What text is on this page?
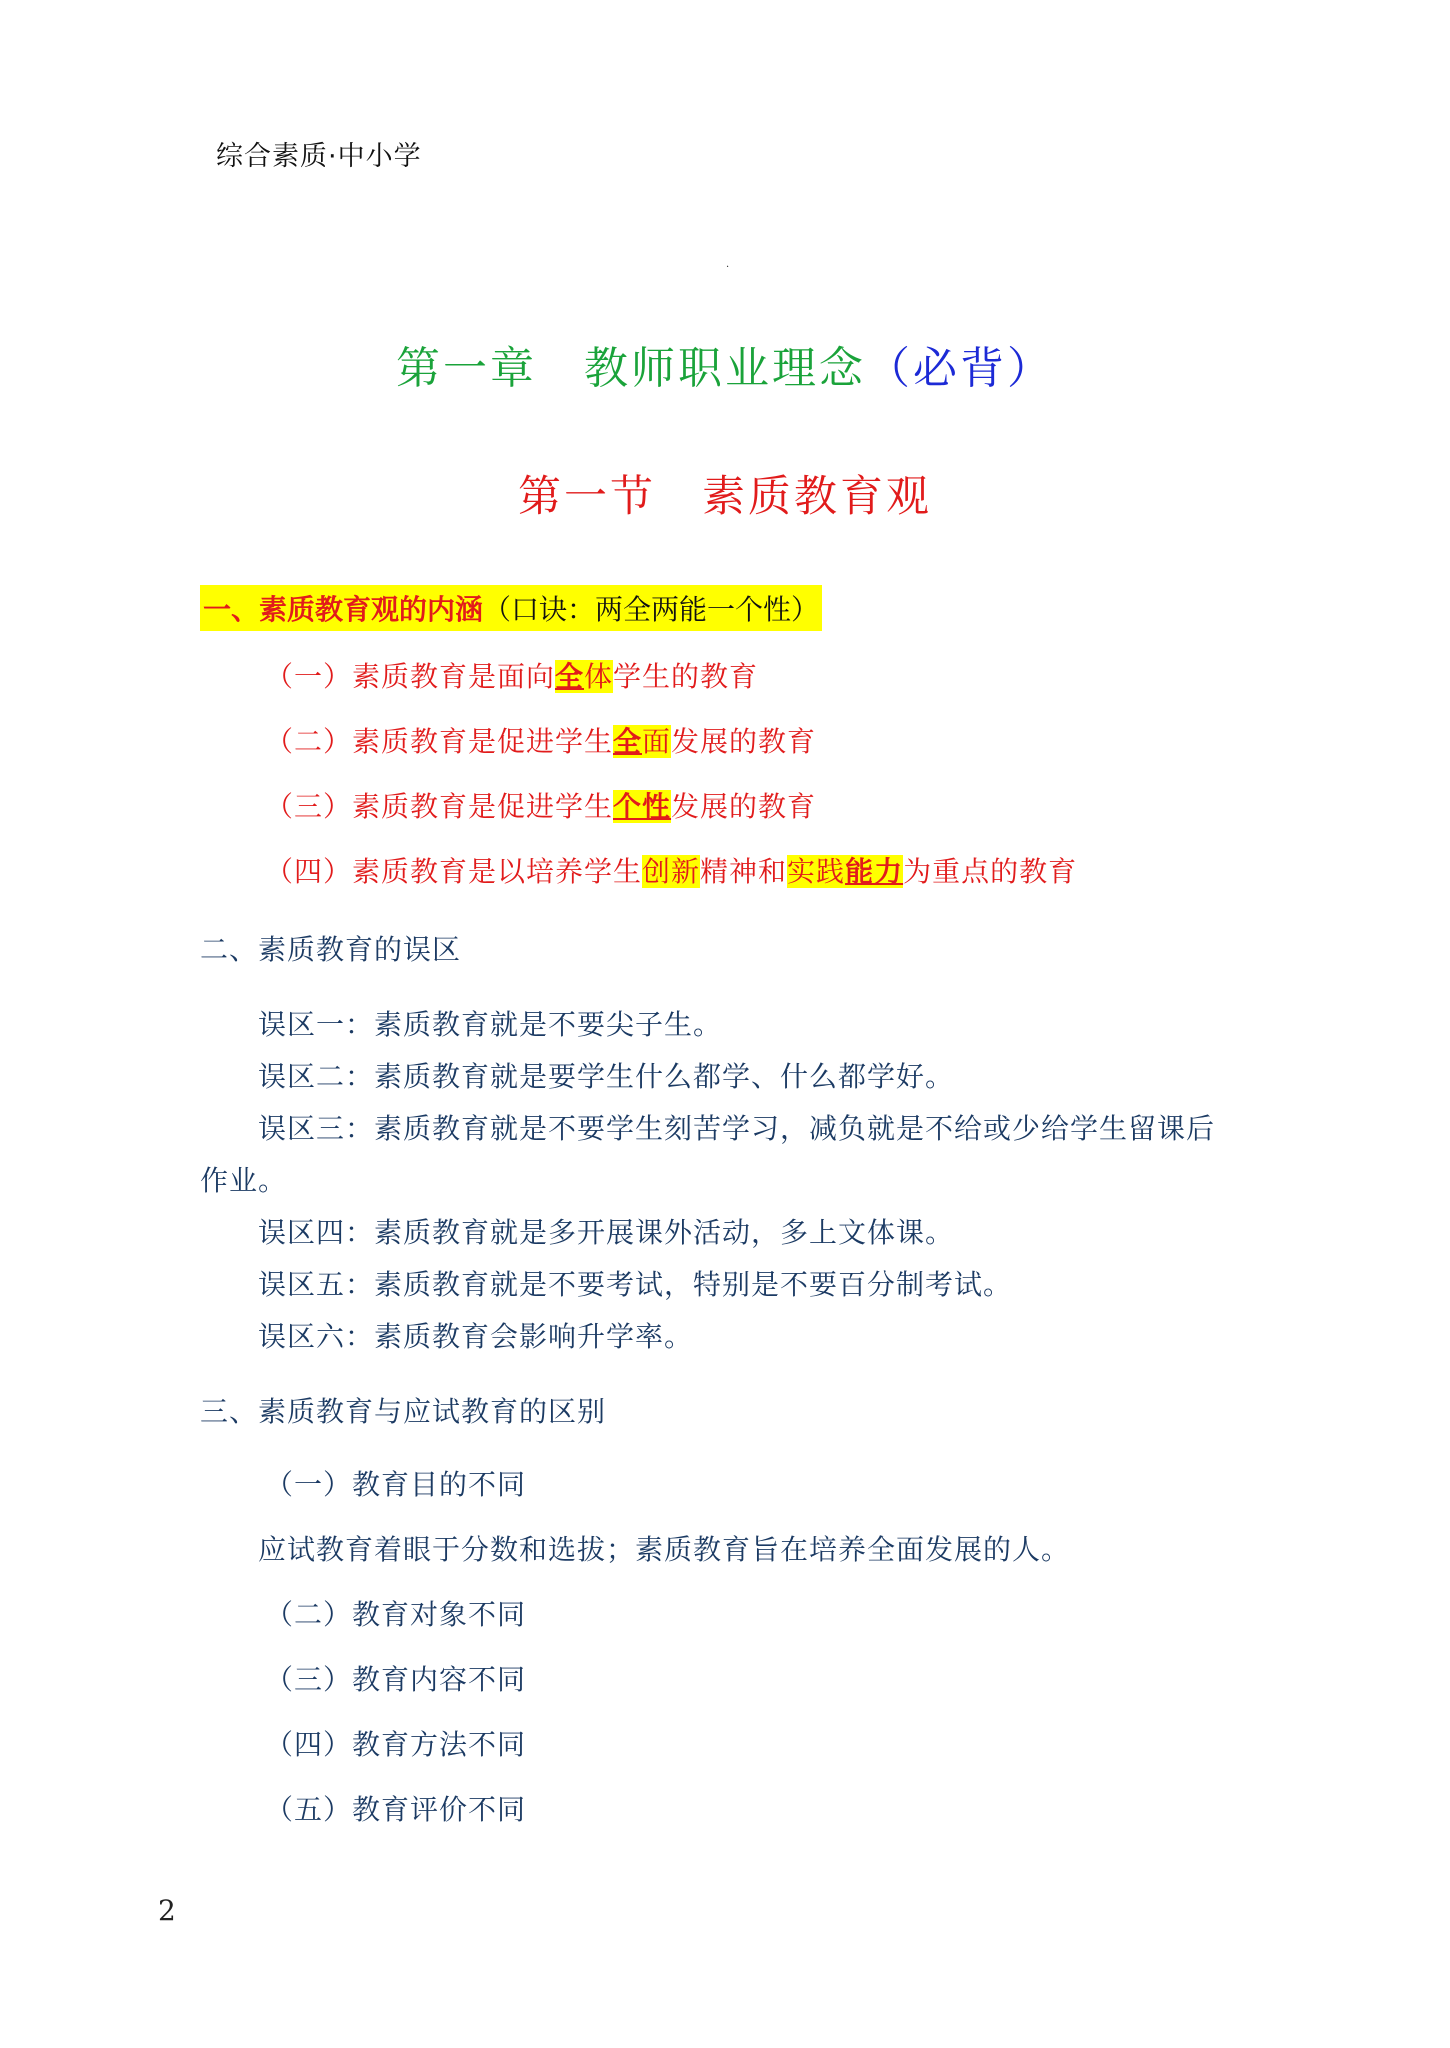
综合素质·中小学
·
第一章　 教师职业理念（必背）
第一节　素质教育观
一、素质教育观的内涵（口诀：两全两能一个性）
（一）素质教育是面向全体学生的教育
（二）素质教育是促进学生全面发展的教育
（三）素质教育是促进学生个性发展的教育
（四）素质教育是以培养学生创新精神和实践能力为重点的教育
二、素质教育的误区
误区一：素质教育就是不要尖子生。
误区二：素质教育就是要学生什么都学、什么都学好。
误区三：素质教育就是不要学生刻苦学习，减负就是不给或少给学生留课后
作业。
误区四：素质教育就是多开展课外活动，多上文体课。
误区五：素质教育就是不要考试，特别是不要百分制考试。
误区六：素质教育会影响升学率。
三、素质教育与应试教育的区别
（一）教育目的不同
应试教育着眼于分数和选拔；素质教育旨在培养全面发展的人。
（二）教育对象不同
（三）教育内容不同
（四）教育方法不同
（五）教育评价不同
2
